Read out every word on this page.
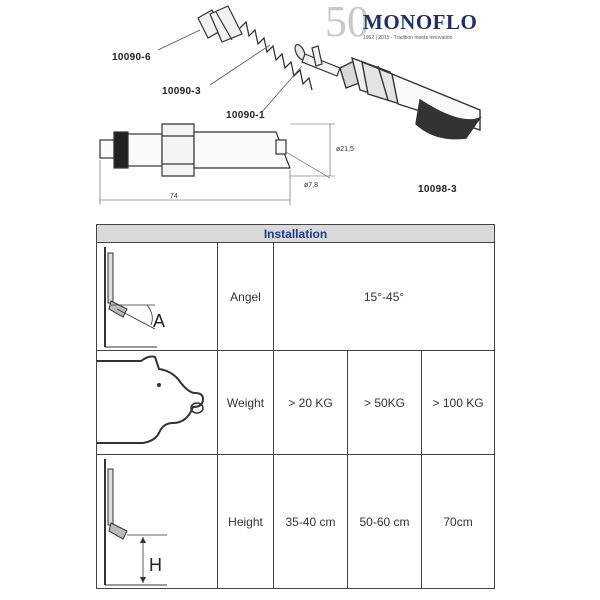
10090-6
10090-3
10090-1
10098-3
74
ø21,5
ø7,8
50
MONOFLO
1962 | 2015 - Tradition meets Innovation
Installation				

A	Angel	15°-45°		

	Weight	> 20 KG	> 50KG	> 100 KG

H	Height	35-40 cm	50-60 cm	70cm
